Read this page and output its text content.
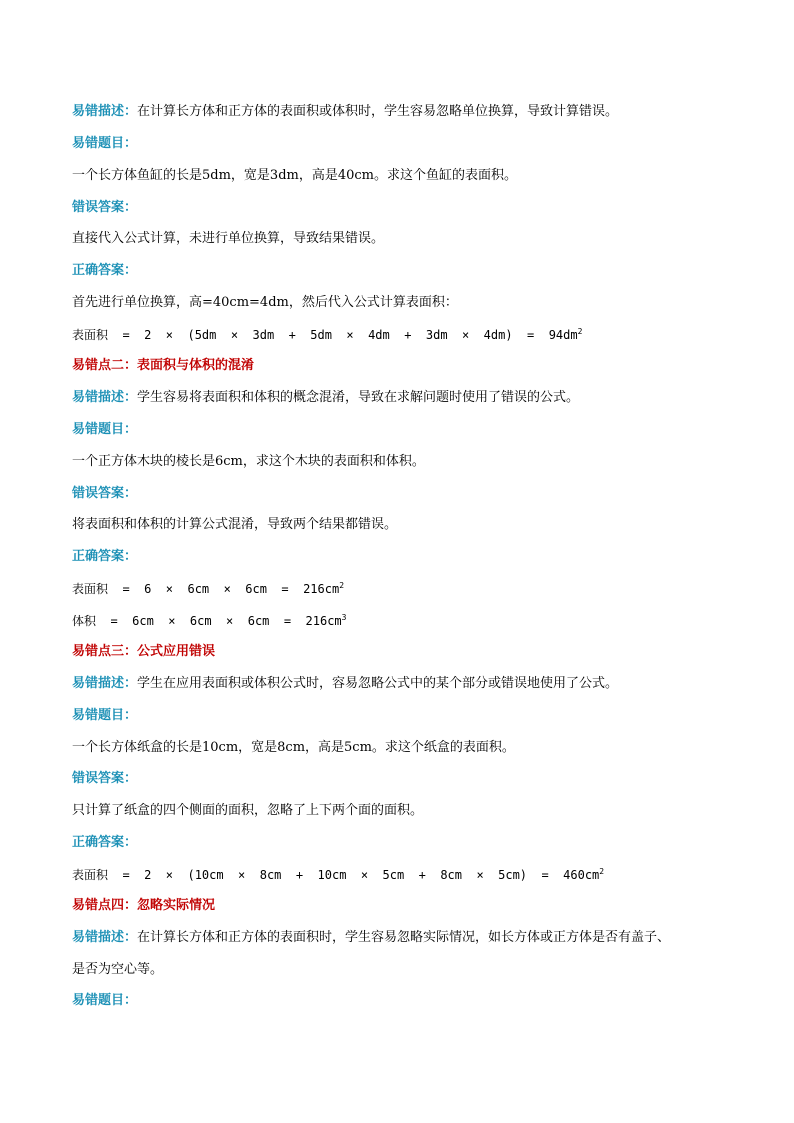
易错描述：在计算长方体和正方体的表面积或体积时，学生容易忽略单位换算，导致计算错误。
易错题目：
一个长方体鱼缸的长是5dm，宽是3dm，高是40cm。求这个鱼缸的表面积。
错误答案：
直接代入公式计算，未进行单位换算，导致结果错误。
正确答案：
首先进行单位换算，高=40cm=4dm，然后代入公式计算表面积：
表面积  =  $2 \times (5dm \times 3dm + 5dm \times 4dm + 3dm \times 4dm) = 94dm^2$
易错点二：表面积与体积的混淆
易错描述：学生容易将表面积和体积的概念混淆，导致在求解问题时使用了错误的公式。
易错题目：
一个正方体木块的棱长是6cm，求这个木块的表面积和体积。
错误答案：
将表面积和体积的计算公式混淆，导致两个结果都错误。
正确答案：
表面积  =  $6 \times 6cm \times 6cm = 216cm^2$
体积  =  $6cm \times 6cm \times 6cm = 216cm^3$
易错点三：公式应用错误
易错描述：学生在应用表面积或体积公式时，容易忽略公式中的某个部分或错误地使用了公式。
易错题目：
一个长方体纸盒的长是10cm，宽是8cm，高是5cm。求这个纸盒的表面积。
错误答案：
只计算了纸盒的四个侧面的面积，忽略了上下两个面的面积。
正确答案：
表面积  =  $2 \times (10cm \times 8cm + 10cm \times 5cm + 8cm \times 5cm) = 460cm^2$
易错点四：忽略实际情况
易错描述：在计算长方体和正方体的表面积时，学生容易忽略实际情况，如长方体或正方体是否有盖子、
是否为空心等。
易错题目：
